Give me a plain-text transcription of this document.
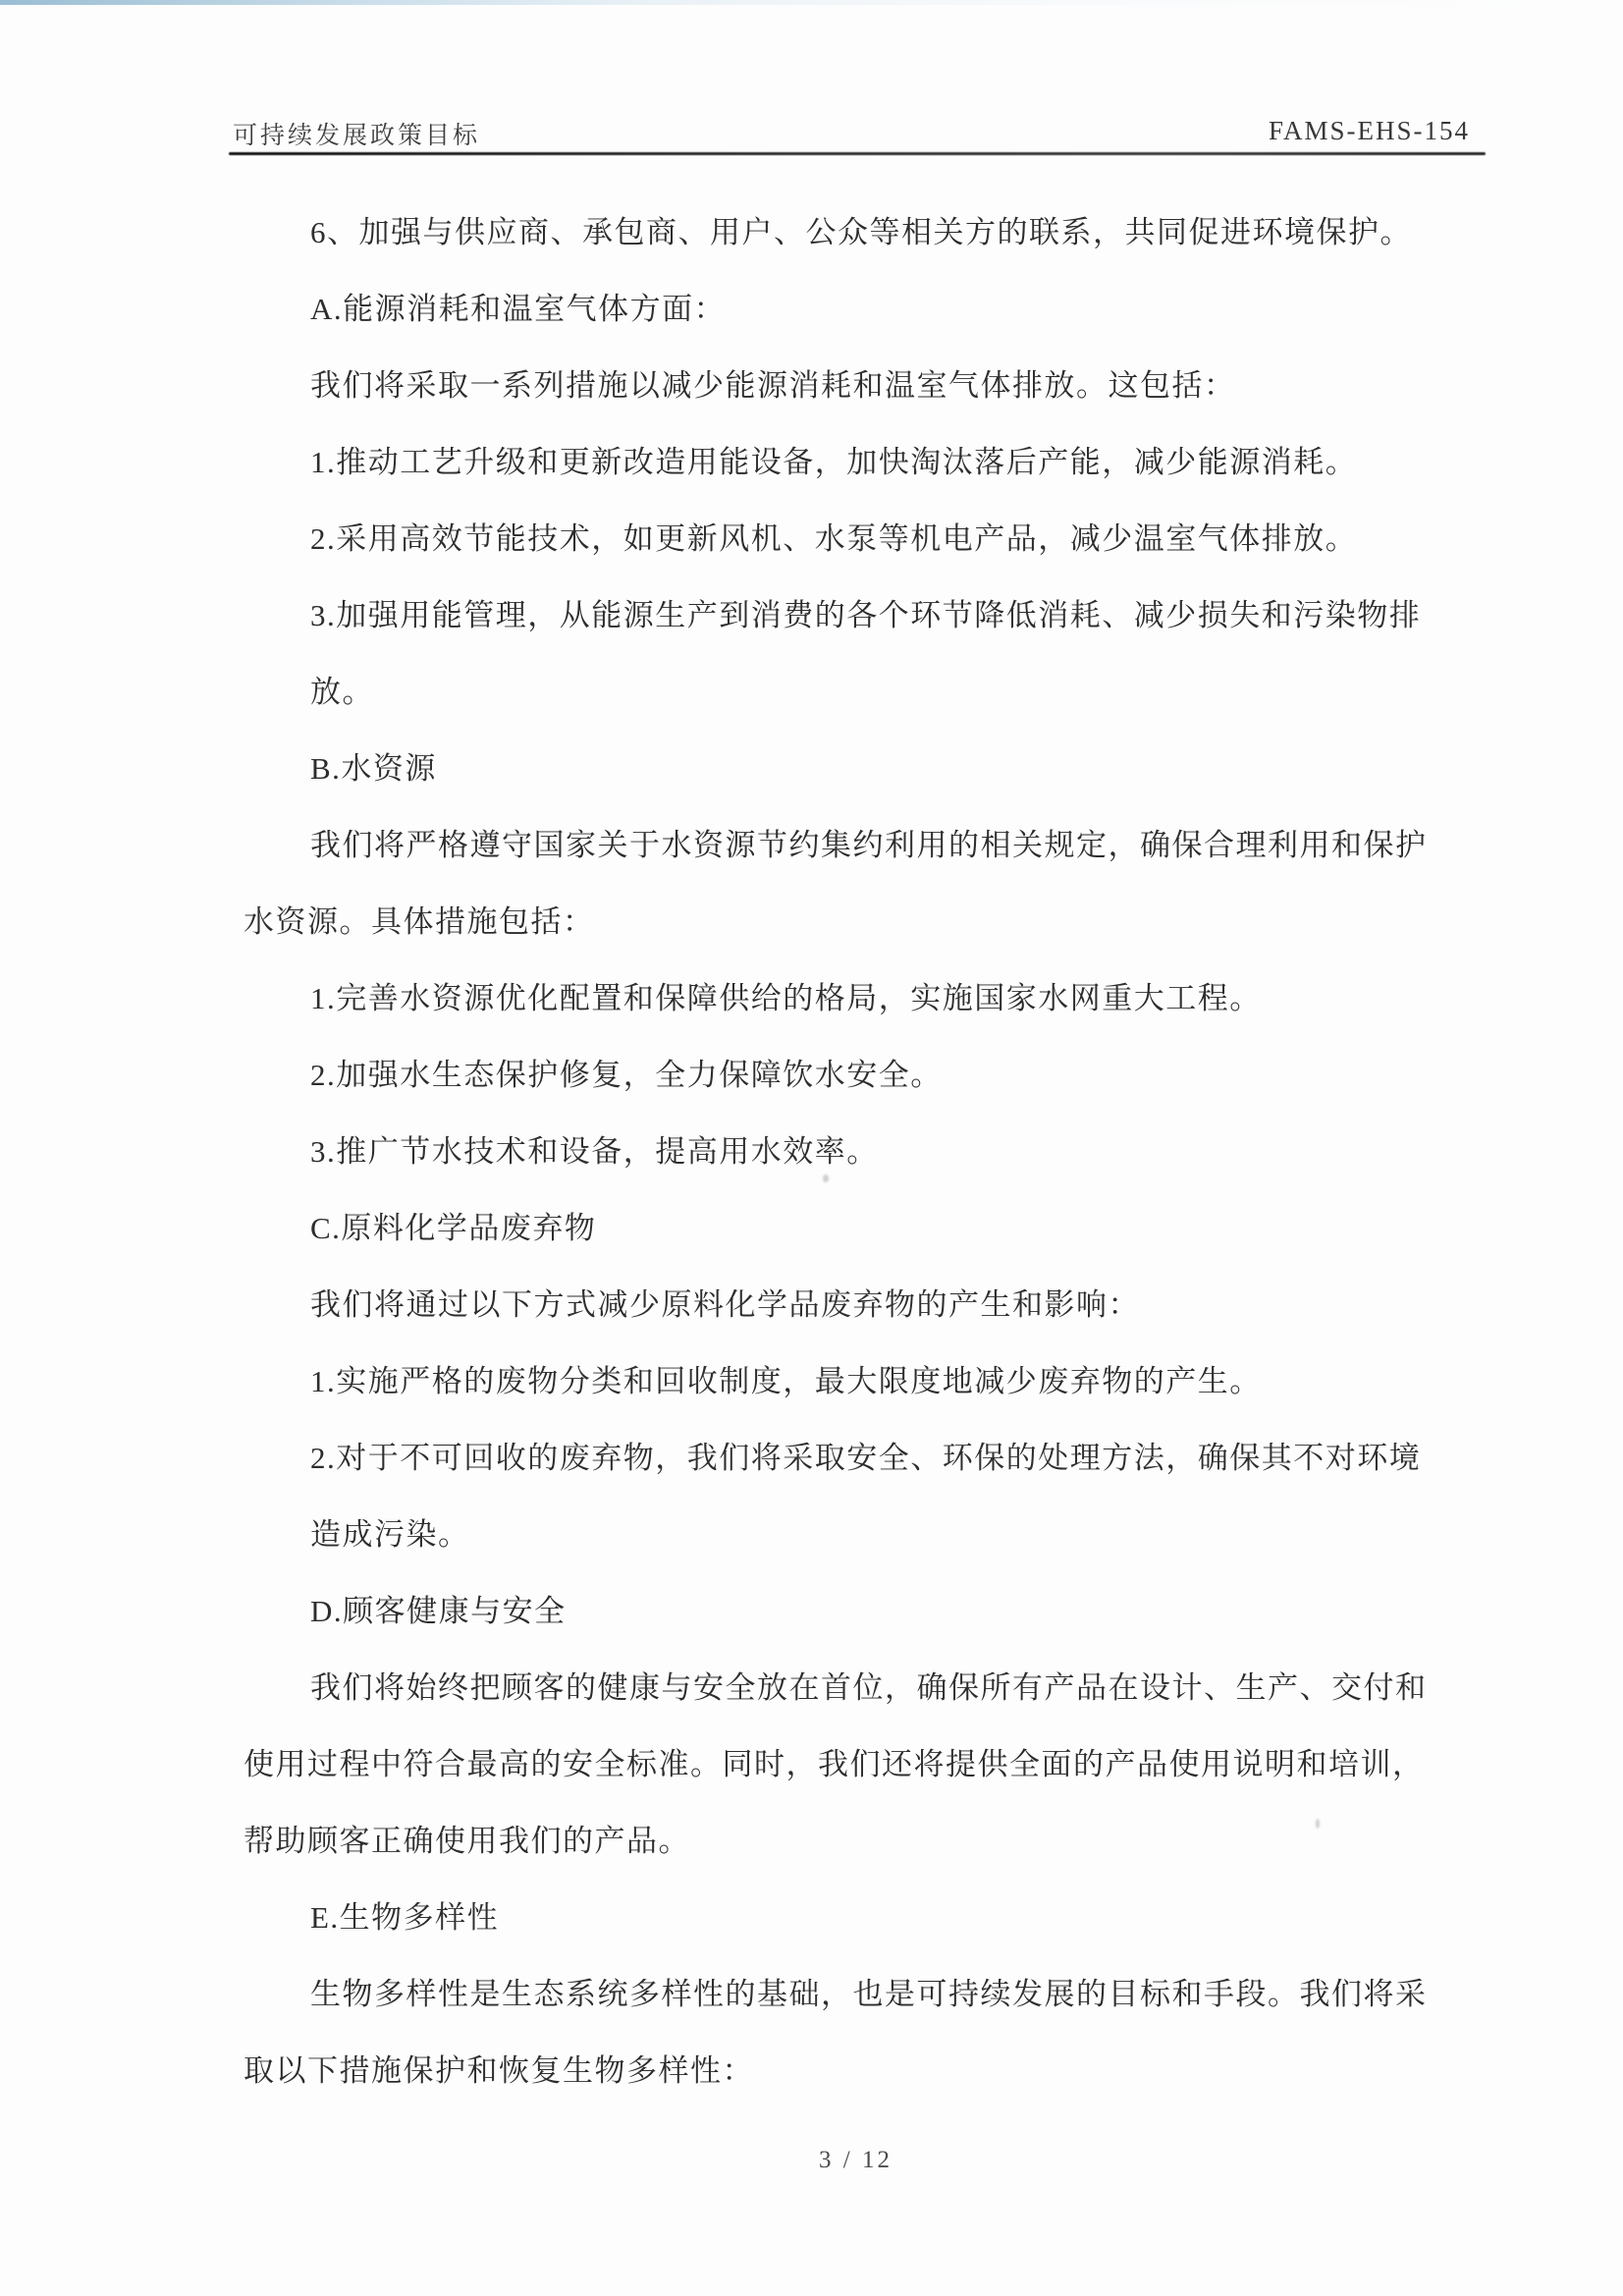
可持续发展政策目标	FAMS-EHS-154
6、加强与供应商、承包商、用户、公众等相关方的联系，共同促进环境保护。
A.能源消耗和温室气体方面：
我们将采取一系列措施以减少能源消耗和温室气体排放。这包括：
1.推动工艺升级和更新改造用能设备，加快淘汰落后产能，减少能源消耗。
2.采用高效节能技术，如更新风机、水泵等机电产品，减少温室气体排放。
3.加强用能管理，从能源生产到消费的各个环节降低消耗、减少损失和污染物排
放。
B.水资源
我们将严格遵守国家关于水资源节约集约利用的相关规定，确保合理利用和保护
水资源。具体措施包括：
1.完善水资源优化配置和保障供给的格局，实施国家水网重大工程。
2.加强水生态保护修复，全力保障饮水安全。
3.推广节水技术和设备，提高用水效率。
C.原料化学品废弃物
我们将通过以下方式减少原料化学品废弃物的产生和影响：
1.实施严格的废物分类和回收制度，最大限度地减少废弃物的产生。
2.对于不可回收的废弃物，我们将采取安全、环保的处理方法，确保其不对环境
造成污染。
D.顾客健康与安全
我们将始终把顾客的健康与安全放在首位，确保所有产品在设计、生产、交付和
使用过程中符合最高的安全标准。同时，我们还将提供全面的产品使用说明和培训，
帮助顾客正确使用我们的产品。
E.生物多样性
生物多样性是生态系统多样性的基础，也是可持续发展的目标和手段。我们将采
取以下措施保护和恢复生物多样性：
3 / 12
